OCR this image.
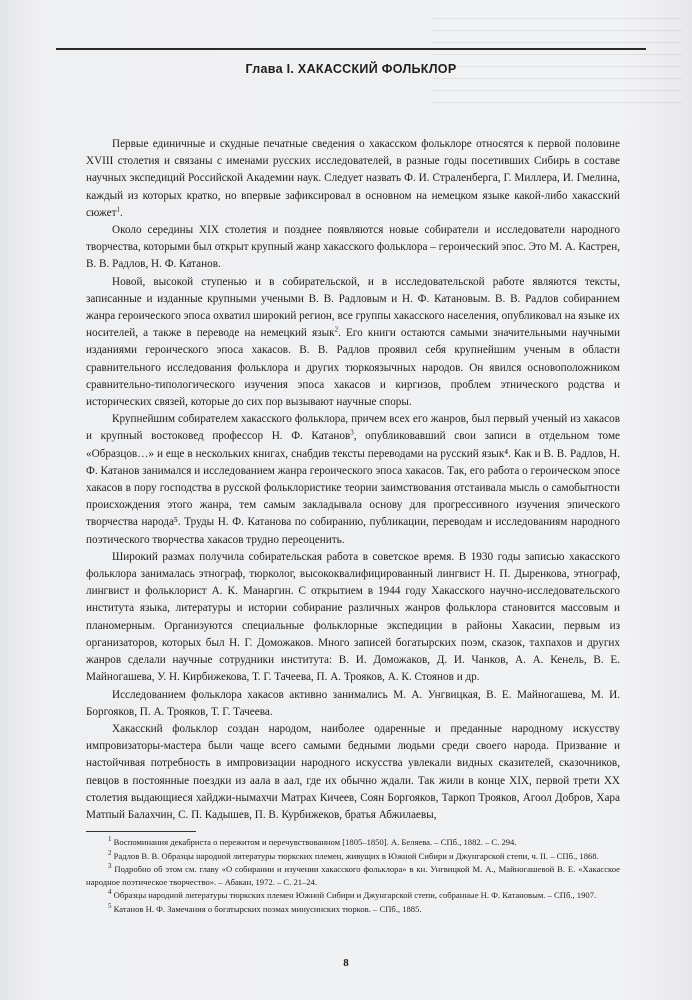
Глава I. ХАКАССКИЙ ФОЛЬКЛОР

Первые единичные и скудные печатные сведения о хакасском фольклоре относятся к первой половине XVIII столетия и связаны с именами русских исследователей, в разные годы посетивших Сибирь в составе научных экспедиций Российской Академии наук. Следует назвать Ф. И. Страленберга, Г. Миллера, И. Гмелина, каждый из которых кратко, но впервые зафиксировал в основном на немецком языке какой-либо хакасский сюжет$^1$.

Около середины XIX столетия и позднее появляются новые собиратели и исследователи народного творчества, которыми был открыт крупный жанр хакасского фольклора – героический эпос. Это М. А. Кастрен, В. В. Радлов, Н. Ф. Катанов.

Новой, высокой ступенью и в собирательской, и в исследовательской работе являются тексты, записанные и изданные крупными учеными В. В. Радловым и Н. Ф. Катановым. В. В. Радлов собиранием жанра героического эпоса охватил широкий регион, все группы хакасского населения, опубликовал на языке их носителей, а также в переводе на немецкий язык$^2$. Его книги остаются самыми значительными научными изданиями героического эпоса хакасов. В. В. Радлов проявил себя крупнейшим ученым в области сравнительного исследования фольклора и других тюркоязычных народов. Он явился основоположником сравнительно-типологического изучения эпоса хакасов и киргизов, проблем этнического родства и исторических связей, которые до сих пор вызывают научные споры.

Крупнейшим собирателем хакасского фольклора, причем всех его жанров, был первый ученый из хакасов и крупный востоковед профессор Н. Ф. Катанов$^3$, опубликовавший свои записи в отдельном томе «Образцов…» и еще в нескольких книгах, снабдив тексты переводами на русский язык⁴. Как и В. В. Радлов, Н. Ф. Катанов занимался и исследованием жанра героического эпоса хакасов. Так, его работа о героическом эпосе хакасов в пору господства в русской фольклористике теории заимствования отстаивала мысль о самобытности происхождения этого жанра, тем самым закладывала основу для прогрессивного изучения эпического творчества народа⁵. Труды Н. Ф. Катанова по собиранию, публикации, переводам и исследованиям народного поэтического творчества хакасов трудно переоценить.

Широкий размах получила собирательская работа в советское время. В 1930 годы записью хакасского фольклора занималась этнограф, тюрколог, высококвалифицированный лингвист Н. П. Дыренкова, этнограф, лингвист и фольклорист А. К. Манаргин. С открытием в 1944 году Хакасского научно-исследовательского института языка, литературы и истории собирание различных жанров фольклора становится массовым и планомерным. Организуются специальные фольклорные экспедиции в районы Хакасии, первым из организаторов, которых был Н. Г. Доможаков. Много записей богатырских поэм, сказок, тахпахов и других жанров сделали научные сотрудники института: В. И. Доможаков, Д. И. Чанков, А. А. Кенель, В. Е. Майногашева, У. Н. Кирбижекова, Т. Г. Тачеева, П. А. Трояков, А. К. Стоянов и др.

Исследованием фольклора хакасов активно занимались М. А. Унгвицкая, В. Е. Майногашева, М. И. Боргояков, П. А. Трояков, Т. Г. Тачеева.

Хакасский фольклор создан народом, наиболее одаренные и преданные народному искусству импровизаторы-мастера были чаще всего самыми бедными людьми среди своего народа. Призвание и настойчивая потребность в импровизации народного искусства увлекали видных сказителей, сказочников, певцов в постоянные поездки из аала в аал, где их обычно ждали. Так жили в конце XIX, первой трети XX столетия выдающиеся хайджи-нымахчи Матрах Кичеев, Соян Боргояков, Таркоп Трояков, Агоол Добров, Хара Матпый Балахчин, С. П. Кадышев, П. В. Курбижеков, братья Абжилаевы,

$^1$ Воспоминания декабриста о пережитом и перечувствованном [1805–1850]. А. Беляева. – СПб., 1882. – С. 294.

$^2$ Радлов В. В. Образцы народной литературы тюркских племен, живущих в Южной Сибири и Джунгарской степи, ч. II. – СПб., 1868.

$^3$ Подробно об этом см. главу «О собирании и изучении хакасского фольклора» в кн. Унгвицкой М. А., Майногашевой В. Е. «Хакасское народное поэтическое творчество». – Абакан, 1972. – С. 21–24.

$^4$ Образцы народной литературы тюркских племен Южной Сибири и Джунгарской степи, собранные Н. Ф. Катановым. – СПб., 1907.

$^5$ Катанов Н. Ф. Замечания о богатырских поэмах минусинских тюрков. – СПб., 1885.

8
